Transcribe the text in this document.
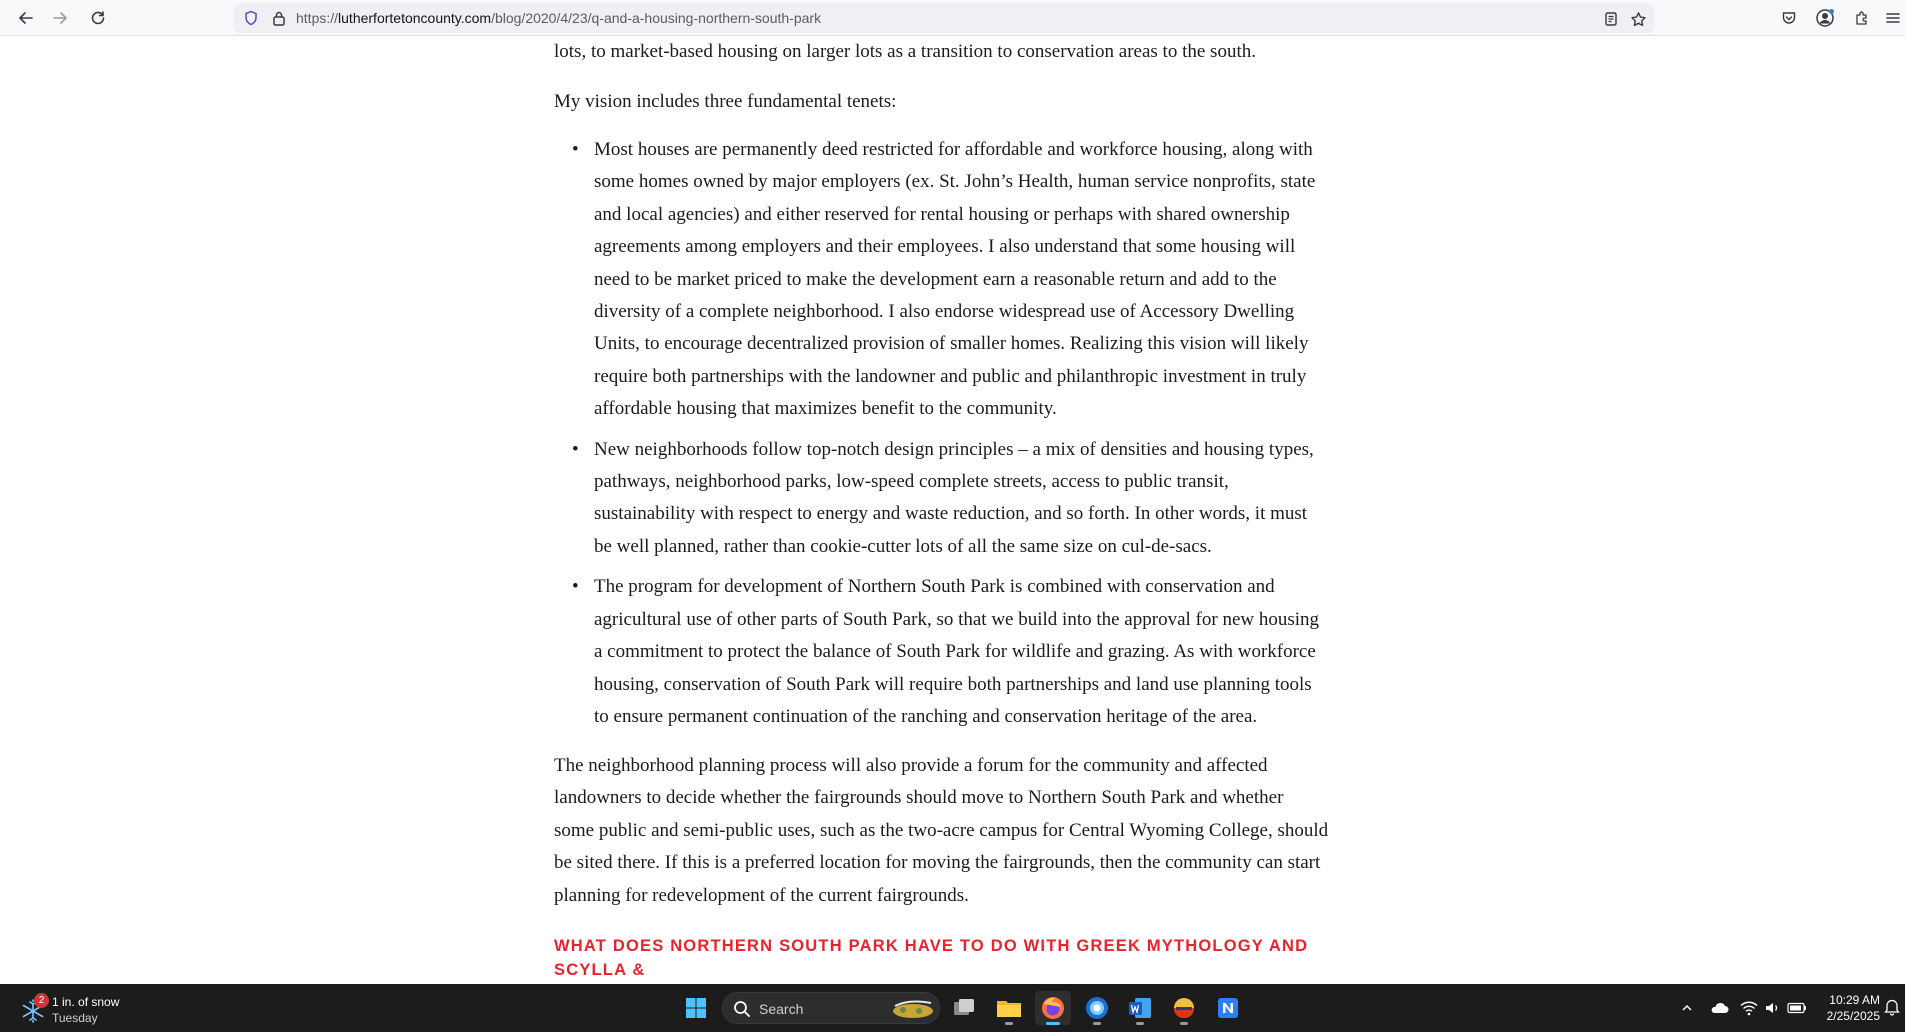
https://lutherfortetoncounty.com/blog/2020/4/23/q-and-a-housing-northern-south-park

lots, to market-based housing on larger lots as a transition to conservation areas to the south.

My vision includes three fundamental tenets:

• Most houses are permanently deed restricted for affordable and workforce housing, along with
some homes owned by major employers (ex. St. John’s Health, human service nonprofits, state
and local agencies) and either reserved for rental housing or perhaps with shared ownership
agreements among employers and their employees. I also understand that some housing will
need to be market priced to make the development earn a reasonable return and add to the
diversity of a complete neighborhood. I also endorse widespread use of Accessory Dwelling
Units, to encourage decentralized provision of smaller homes. Realizing this vision will likely
require both partnerships with the landowner and public and philanthropic investment in truly
affordable housing that maximizes benefit to the community.
• New neighborhoods follow top-notch design principles – a mix of densities and housing types,
pathways, neighborhood parks, low-speed complete streets, access to public transit,
sustainability with respect to energy and waste reduction, and so forth. In other words, it must
be well planned, rather than cookie-cutter lots of all the same size on cul-de-sacs.
• The program for development of Northern South Park is combined with conservation and
agricultural use of other parts of South Park, so that we build into the approval for new housing
a commitment to protect the balance of South Park for wildlife and grazing. As with workforce
housing, conservation of South Park will require both partnerships and land use planning tools
to ensure permanent continuation of the ranching and conservation heritage of the area.
The neighborhood planning process will also provide a forum for the community and affected
landowners to decide whether the fairgrounds should move to Northern South Park and whether
some public and semi-public uses, such as the two-acre campus for Central Wyoming College, should
be sited there. If this is a preferred location for moving the fairgrounds, then the community can start
planning for redevelopment of the current fairgrounds.
WHAT DOES NORTHERN SOUTH PARK HAVE TO DO WITH GREEK MYTHOLOGY AND SCYLLA &
2 1 in. of snow
Tuesday
Search
10:29 AM
2/25/2025
